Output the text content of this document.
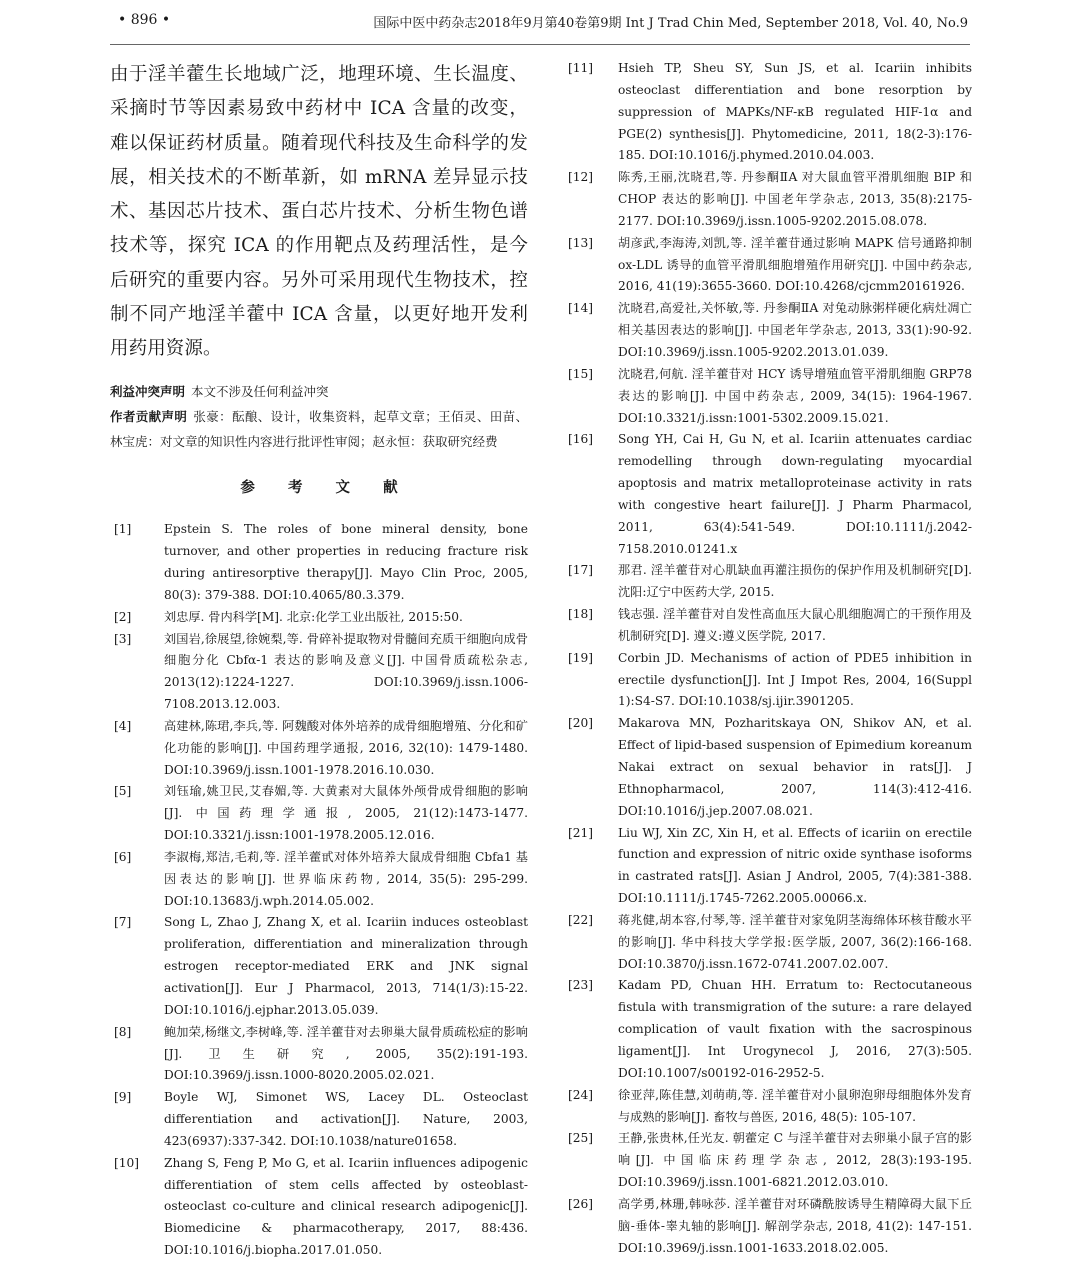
• 896 •	国际中医中药杂志2018年9月第40卷第9期 Int J Trad Chin Med, September 2018, Vol. 40, No.9

由于淫羊藿生长地域广泛，地理环境、生长温度、采摘时节等因素易致中药材中 ICA 含量的改变，难以保证药材质量。随着现代科技及生命科学的发展，相关技术的不断革新，如 mRNA 差异显示技术、基因芯片技术、蛋白芯片技术、分析生物色谱技术等，探究 ICA 的作用靶点及药理活性，是今后研究的重要内容。另外可采用现代生物技术，控制不同产地淫羊藿中 ICA 含量，以更好地开发利用药用资源。

利益冲突声明 本文不涉及任何利益冲突
作者贡献声明 张豪：酝酿、设计，收集资料，起草文章；王佰灵、田苗、林宝虎：对文章的知识性内容进行批评性审阅；赵永恒：获取研究经费
参 考 文 献
[1]	Epstein S. The roles of bone mineral density, bone turnover, and other properties in reducing fracture risk during antiresorptive therapy[J]. Mayo Clin Proc, 2005, 80(3): 379-388. DOI:10.4065/80.3.379.
[2]	刘忠厚. 骨内科学[M]. 北京:化学工业出版社, 2015:50.
[3]	刘国岩,徐展望,徐婉梨,等. 骨碎补提取物对骨髓间充质干细胞向成骨细胞分化 Cbfα-1 表达的影响及意义[J]. 中国骨质疏松杂志, 2013(12):1224-1227. DOI:10.3969/j.issn.1006-7108.2013.12.003.
[4]	高建林,陈珺,李兵,等. 阿魏酸对体外培养的成骨细胞增殖、分化和矿化功能的影响[J]. 中国药理学通报, 2016, 32(10): 1479-1480. DOI:10.3969/j.issn.1001-1978.2016.10.030.
[5]	刘钰瑜,姚卫民,艾春媚,等. 大黄素对大鼠体外颅骨成骨细胞的影响[J]. 中国药理学通报, 2005, 21(12):1473-1477. DOI:10.3321/j.issn:1001-1978.2005.12.016.
[6]	李淑梅,郑洁,毛莉,等. 淫羊藿甙对体外培养大鼠成骨细胞 Cbfa1 基因表达的影响[J]. 世界临床药物, 2014, 35(5): 295-299. DOI:10.13683/j.wph.2014.05.002.
[7]	Song L, Zhao J, Zhang X, et al. Icariin induces osteoblast proliferation, differentiation and mineralization through estrogen receptor-mediated ERK and JNK signal activation[J]. Eur J Pharmacol, 2013, 714(1/3):15-22. DOI:10.1016/j.ejphar.2013.05.039.
[8]	鲍加荣,杨继文,李树峰,等. 淫羊藿苷对去卵巢大鼠骨质疏松症的影响[J]. 卫生研究, 2005, 35(2):191-193. DOI:10.3969/j.issn.1000-8020.2005.02.021.
[9]	Boyle WJ, Simonet WS, Lacey DL. Osteoclast differentiation and activation[J]. Nature, 2003, 423(6937):337-342. DOI:10.1038/nature01658.
[10] Zhang S, Feng P, Mo G, et al. Icariin influences adipogenic differentiation of stem cells affected by osteoblast-osteoclast co-culture and clinical research adipogenic[J]. Biomedicine & pharmacotherapy, 2017, 88:436. DOI:10.1016/j.biopha.2017.01.050.
[11] Hsieh TP, Sheu SY, Sun JS, et al. Icariin inhibits osteoclast differentiation and bone resorption by suppression of MAPKs/NF-κB regulated HIF-1α and PGE(2) synthesis[J]. Phytomedicine, 2011, 18(2-3):176-185. DOI:10.1016/j.phymed.2010.04.003.
[12] 陈秀,王丽,沈晓君,等. 丹参酮ⅡA 对大鼠血管平滑肌细胞 BIP 和 CHOP 表达的影响[J]. 中国老年学杂志, 2013, 35(8):2175-2177. DOI:10.3969/j.issn.1005-9202.2015.08.078.
[13] 胡彦武,李海涛,刘凯,等. 淫羊藿苷通过影响 MAPK 信号通路抑制 ox-LDL 诱导的血管平滑肌细胞增殖作用研究[J]. 中国中药杂志, 2016, 41(19):3655-3660. DOI:10.4268/cjcmm20161926.
[14] 沈晓君,高爱社,关怀敏,等. 丹参酮ⅡA 对兔动脉粥样硬化病灶凋亡相关基因表达的影响[J]. 中国老年学杂志, 2013, 33(1):90-92. DOI:10.3969/j.issn.1005-9202.2013.01.039.
[15] 沈晓君,何航. 淫羊藿苷对 HCY 诱导增殖血管平滑肌细胞 GRP78 表达的影响[J]. 中国中药杂志, 2009, 34(15): 1964-1967. DOI:10.3321/j.issn:1001-5302.2009.15.021.
[16] Song YH, Cai H, Gu N, et al. Icariin attenuates cardiac remodelling through down-regulating myocardial apoptosis and matrix metalloproteinase activity in rats with congestive heart failure[J]. J Pharm Pharmacol, 2011, 63(4):541-549. DOI:10.1111/j.2042-7158.2010.01241.x
[17] 那君. 淫羊藿苷对心肌缺血再灌注损伤的保护作用及机制研究[D]. 沈阳:辽宁中医药大学, 2015.
[18] 钱志强. 淫羊藿苷对自发性高血压大鼠心肌细胞凋亡的干预作用及机制研究[D]. 遵义:遵义医学院, 2017.
[19] Corbin JD. Mechanisms of action of PDE5 inhibition in erectile dysfunction[J]. Int J Impot Res, 2004, 16(Suppl 1):S4-S7. DOI:10.1038/sj.ijir.3901205.
[20] Makarova MN, Pozharitskaya ON, Shikov AN, et al. Effect of lipid-based suspension of Epimedium koreanum Nakai extract on sexual behavior in rats[J]. J Ethnopharmacol, 2007, 114(3):412-416. DOI:10.1016/j.jep.2007.08.021.
[21] Liu WJ, Xin ZC, Xin H, et al. Effects of icariin on erectile function and expression of nitric oxide synthase isoforms in castrated rats[J]. Asian J Androl, 2005, 7(4):381-388. DOI:10.1111/j.1745-7262.2005.00066.x.
[22] 蒋兆健,胡本容,付琴,等. 淫羊藿苷对家兔阴茎海绵体环核苷酸水平的影响[J]. 华中科技大学学报:医学版, 2007, 36(2):166-168. DOI:10.3870/j.issn.1672-0741.2007.02.007.
[23] Kadam PD, Chuan HH. Erratum to: Rectocutaneous fistula with transmigration of the suture: a rare delayed complication of vault fixation with the sacrospinous ligament[J]. Int Urogynecol J, 2016, 27(3):505. DOI:10.1007/s00192-016-2952-5.
[24] 徐亚萍,陈佳慧,刘萌萌,等. 淫羊藿苷对小鼠卵泡卵母细胞体外发育与成熟的影响[J]. 畜牧与兽医, 2016, 48(5): 105-107.
[25] 王静,张贵林,任光友. 朝藿定 C 与淫羊藿苷对去卵巢小鼠子宫的影响[J]. 中国临床药理学杂志, 2012, 28(3):193-195. DOI:10.3969/j.issn.1001-6821.2012.03.010.
[26] 高学勇,林珊,韩咏莎. 淫羊藿苷对环磷酰胺诱导生精障碍大鼠下丘脑-垂体-睾丸轴的影响[J]. 解剖学杂志, 2018, 41(2): 147-151. DOI:10.3969/j.issn.1001-1633.2018.02.005.
